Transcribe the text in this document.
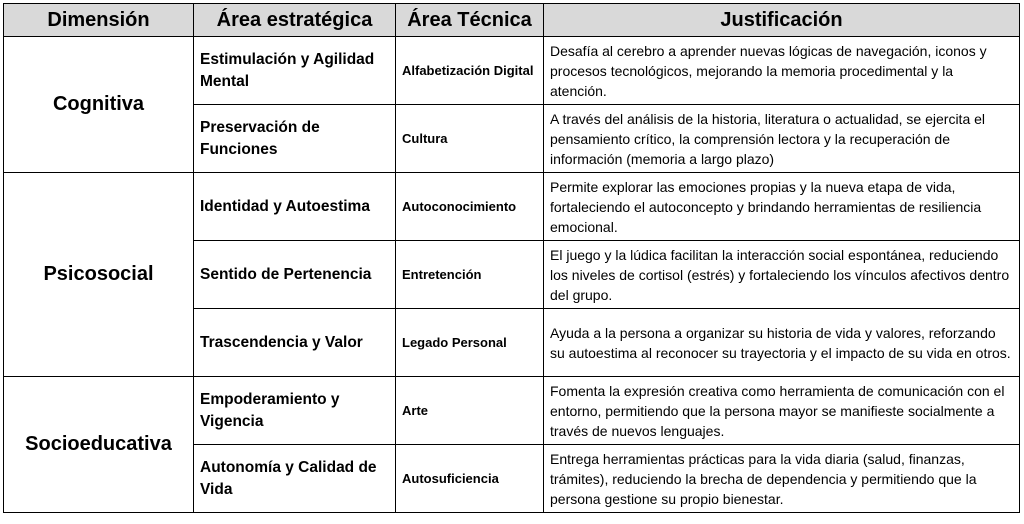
Dimensión	Área estratégica	Área Técnica	Justificación
Cognitiva	Estimulación y Agilidad Mental	Alfabetización Digital	Desafía al cerebro a aprender nuevas lógicas de navegación, iconos y procesos tecnológicos, mejorando la memoria procedimental y la atención.
	Preservación de Funciones	Cultura	A través del análisis de la historia, literatura o actualidad, se ejercita el pensamiento crítico, la comprensión lectora y la recuperación de información (memoria a largo plazo)
Psicosocial	Identidad y Autoestima	Autoconocimiento	Permite explorar las emociones propias y la nueva etapa de vida, fortaleciendo el autoconcepto y brindando herramientas de resiliencia emocional.
	Sentido de Pertenencia	Entretención	El juego y la lúdica facilitan la interacción social espontánea, reduciendo los niveles de cortisol (estrés) y fortaleciendo los vínculos afectivos dentro del grupo.
	Trascendencia y Valor	Legado Personal	Ayuda a la persona a organizar su historia de vida y valores, reforzando su autoestima al reconocer su trayectoria y el impacto de su vida en otros.
Socioeducativa	Empoderamiento y Vigencia	Arte	Fomenta la expresión creativa como herramienta de comunicación con el entorno, permitiendo que la persona mayor se manifieste socialmente a través de nuevos lenguajes.
	Autonomía y Calidad de Vida	Autosuficiencia	Entrega herramientas prácticas para la vida diaria (salud, finanzas, trámites), reduciendo la brecha de dependencia y permitiendo que la persona gestione su propio bienestar.
